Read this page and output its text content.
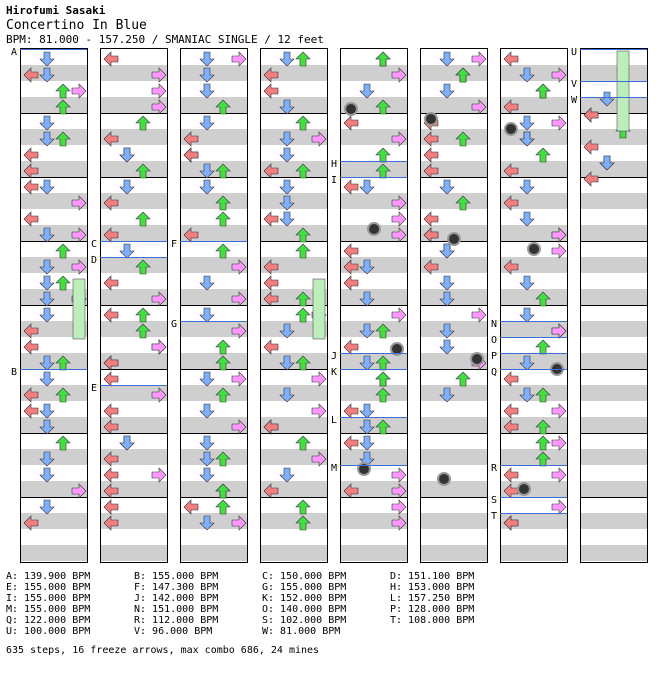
Hirofumi Sasaki
Concertino In Blue
BPM: 81.000 - 157.250 / SMANIAC SINGLE / 12 feet
A
B
C
D
E
F
G
H
I
J
K
L
M
N
O
P
Q
R
S
T
U
V
W
A: 139.900 BPM	B: 155.000 BPM	C: 150.000 BPM	D: 151.100 BPM
E: 155.000 BPM	F: 147.300 BPM	G: 155.000 BPM	H: 153.000 BPM
I: 155.000 BPM	J: 142.000 BPM	K: 152.000 BPM	L: 157.250 BPM
M: 155.000 BPM	N: 151.000 BPM	O: 140.000 BPM	P: 128.000 BPM
Q: 122.000 BPM	R: 112.000 BPM	S: 102.000 BPM	T: 108.000 BPM
U: 100.000 BPM	V: 96.000 BPM	W: 81.000 BPM
635 steps, 16 freeze arrows, max combo 686, 24 mines
